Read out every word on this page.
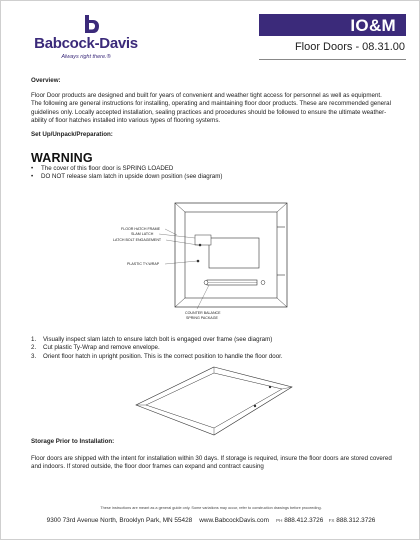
Babcock-Davis
Always right there.®
IO&M
Floor Doors - 08.31.00
Overview:
Floor Door products are designed and built for years of convenient and weather tight access for personnel as well as equipment. The following are general instructions for installing, operating and maintaining floor door products. These are recommended general guidelines only. Locally accepted installation, sealing practices and procedures should be followed to ensure the ultimate weather-ability of floor hatches installed into various types of flooring systems.
Set Up/Unpack/Preparation:
WARNING
• The cover of this floor door is SPRING LOADED
• DO NOT release slam latch in upside down position (see diagram)
FLOOR HATCH FRAME
SLAM LATCH
LATCH BOLT ENGAGEMENT
PLASTIC TY-WRAP
COUNTER BALANCE
SPRING PACKAGE
1. Visually inspect slam latch to ensure latch bolt is engaged over frame (see diagram)
2. Cut plastic Ty-Wrap and remove envelope.
3. Orient floor hatch in upright position. This is the correct position to handle the floor door.
Storage Prior to Installation:
Floor doors are shipped with the intent for installation within 30 days. If storage is required, insure the floor doors are stored covered and indoors. If stored outside, the floor door frames can expand and contract causing
These instructions are meant as a general guide only. Some variations may occur, refer to construction drawings before proceeding.
9300 73rd Avenue North, Brooklyn Park, MN 55428 www.BabcockDavis.com PH 888.412.3726 FX 888.312.3726
